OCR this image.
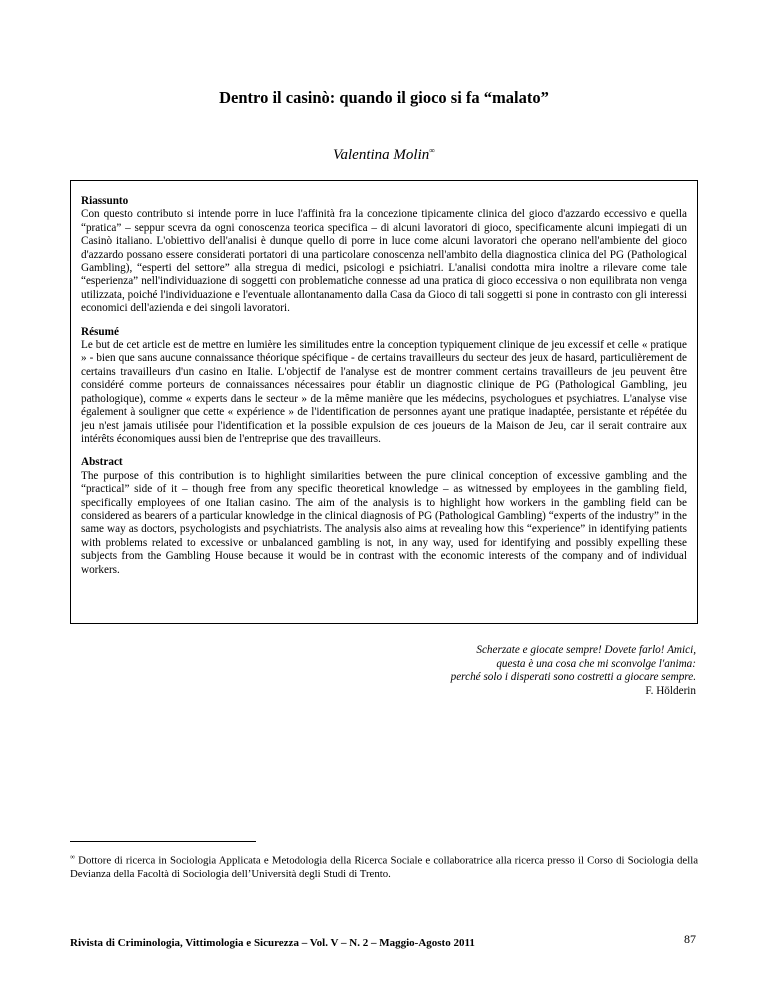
Dentro il casinò: quando il gioco si fa “malato”
Valentina Molin∞
Riassunto
Con questo contributo si intende porre in luce l'affinità fra la concezione tipicamente clinica del gioco d'azzardo eccessivo e quella “pratica” – seppur scevra da ogni conoscenza teorica specifica – di alcuni lavoratori di gioco, specificamente alcuni impiegati di un Casinò italiano. L'obiettivo dell'analisi è dunque quello di porre in luce come alcuni lavoratori che operano nell'ambiente del gioco d'azzardo possano essere considerati portatori di una particolare conoscenza nell'ambito della diagnostica clinica del PG (Pathological Gambling), “esperti del settore” alla stregua di medici, psicologi e psichiatri. L'analisi condotta mira inoltre a rilevare come tale “esperienza” nell'individuazione di soggetti con problematiche connesse ad una pratica di gioco eccessiva o non equilibrata non venga utilizzata, poiché l'individuazione e l'eventuale allontanamento dalla Casa da Gioco di tali soggetti si pone in contrasto con gli interessi economici dell'azienda e dei singoli lavoratori.
Résumé
Le but de cet article est de mettre en lumière les similitudes entre la conception typiquement clinique de jeu excessif et celle « pratique » - bien que sans aucune connaissance théorique spécifique - de certains travailleurs du secteur des jeux de hasard, particulièrement de certains travailleurs d'un casino en Italie. L'objectif de l'analyse est de montrer comment certains travailleurs de jeu peuvent être considéré comme porteurs de connaissances nécessaires pour établir un diagnostic clinique de PG (Pathological Gambling, jeu pathologique), comme « experts dans le secteur » de la même manière que les médecins, psychologues et psychiatres. L'analyse vise également à souligner que cette « expérience » de l'identification de personnes ayant une pratique inadaptée, persistante et répétée du jeu n'est jamais utilisée pour l'identification et la possible expulsion de ces joueurs de la Maison de Jeu, car il serait contraire aux intérêts économiques aussi bien de l'entreprise que des travailleurs.
Abstract
The purpose of this contribution is to highlight similarities between the pure clinical conception of excessive gambling and the “practical” side of it – though free from any specific theoretical knowledge – as witnessed by employees in the gambling field, specifically employees of one Italian casino. The aim of the analysis is to highlight how workers in the gambling field can be considered as bearers of a particular knowledge in the clinical diagnosis of PG (Pathological Gambling) “experts of the industry” in the same way as doctors, psychologists and psychiatrists. The analysis also aims at revealing how this “experience” in identifying patients with problems related to excessive or unbalanced gambling is not, in any way, used for identifying and possibly expelling these subjects from the Gambling House because it would be in contrast with the economic interests of the company and of individual workers.
Scherzate e giocate sempre! Dovete farlo! Amici,
questa è una cosa che mi sconvolge l'anima:
perché solo i disperati sono costretti a giocare sempre.
F. Hölderin
∞ Dottore di ricerca in Sociologia Applicata e Metodologia della Ricerca Sociale e collaboratrice alla ricerca presso il Corso di Sociologia della Devianza della Facoltà di Sociologia dell’Università degli Studi di Trento.
Rivista di Criminologia, Vittimologia e Sicurezza – Vol. V – N. 2 – Maggio-Agosto 2011	87
